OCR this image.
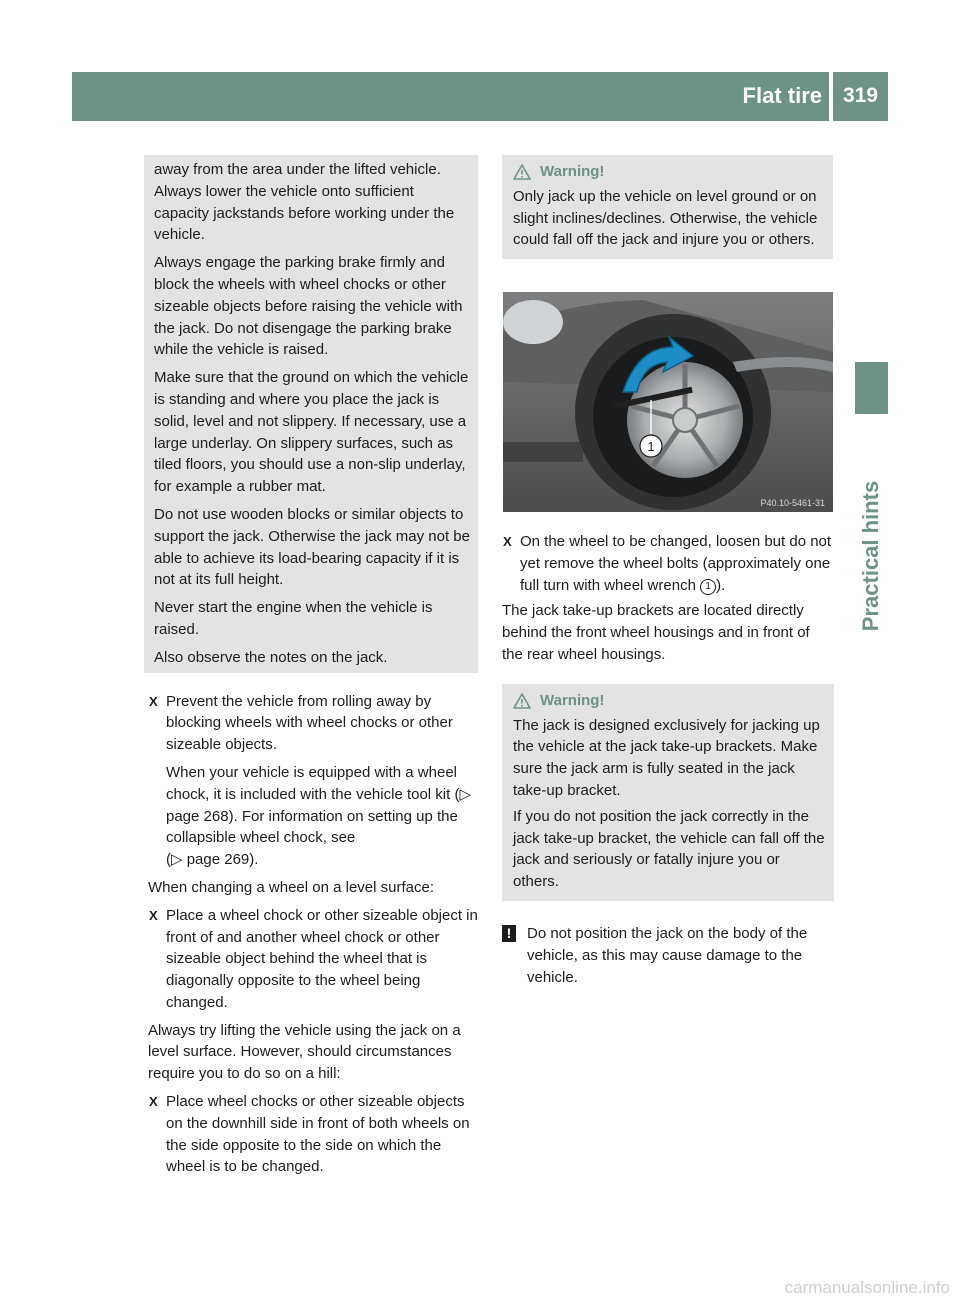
Flat tire 319
Practical hints

away from the area under the lifted vehicle. Always lower the vehicle onto sufficient capacity jackstands before working under the vehicle.

Always engage the parking brake firmly and block the wheels with wheel chocks or other sizeable objects before raising the vehicle with the jack. Do not disengage the parking brake while the vehicle is raised.

Make sure that the ground on which the vehicle is standing and where you place the jack is solid, level and not slippery. If necessary, use a large underlay. On slippery surfaces, such as tiled floors, you should use a non-slip underlay, for example a rubber mat.

Do not use wooden blocks or similar objects to support the jack. Otherwise the jack may not be able to achieve its load-bearing capacity if it is not at its full height.

Never start the engine when the vehicle is raised.

Also observe the notes on the jack.

X Prevent the vehicle from rolling away by blocking wheels with wheel chocks or other sizeable objects.

When your vehicle is equipped with a wheel chock, it is included with the vehicle tool kit (▷ page 268). For information on setting up the collapsible wheel chock, see
(▷ page 269).

When changing a wheel on a level surface:

X Place a wheel chock or other sizeable object in front of and another wheel chock or other sizeable object behind the wheel that is diagonally opposite to the wheel being changed.

Always try lifting the vehicle using the jack on a level surface. However, should circumstances require you to do so on a hill:

X Place wheel chocks or other sizeable objects on the downhill side in front of both wheels on the side opposite to the side on which the wheel is to be changed.

Warning!

Only jack up the vehicle on level ground or on slight inclines/declines. Otherwise, the vehicle could fall off the jack and injure you or others.

1
P40.10-5461-31
X On the wheel to be changed, loosen but do not yet remove the wheel bolts (approximately one full turn with wheel wrench 1 ).

The jack take-up brackets are located directly behind the front wheel housings and in front of the rear wheel housings.

Warning!

The jack is designed exclusively for jacking up the vehicle at the jack take-up brackets. Make sure the jack arm is fully seated in the jack take-up bracket.

If you do not position the jack correctly in the jack take-up bracket, the vehicle can fall off the jack and seriously or fatally injure you or others.

!	Do not position the jack on the body of the vehicle, as this may cause damage to the vehicle.

carmanualsonline.info
